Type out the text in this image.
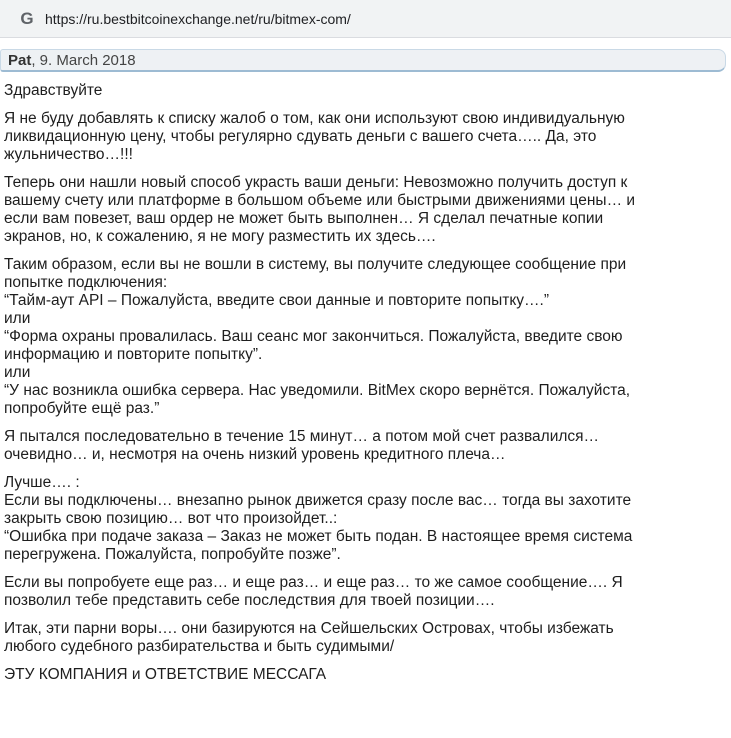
G https://ru.bestbitcoinexchange.net/ru/bitmex-com/
Pat, 9. March 2018

Здравствуйте

Я не буду добавлять к списку жалоб о том, как они используют свою индивидуальную
ликвидационную цену, чтобы регулярно сдувать деньги с вашего счета….. Да, это
жульничество…!!!

Теперь они нашли новый способ украсть ваши деньги: Невозможно получить доступ к
вашему счету или платформе в большом объеме или быстрыми движениями цены… и
если вам повезет, ваш ордер не может быть выполнен… Я сделал печатные копии
экранов, но, к сожалению, я не могу разместить их здесь….

Таким образом, если вы не вошли в систему, вы получите следующее сообщение при
попытке подключения:
“Тайм-аут API – Пожалуйста, введите свои данные и повторите попытку….”
или
“Форма охраны провалилась. Ваш сеанс мог закончиться. Пожалуйста, введите свою
информацию и повторите попытку”.
или
“У нас возникла ошибка сервера. Нас уведомили. BitMex скоро вернётся. Пожалуйста,
попробуйте ещё раз.”

Я пытался последовательно в течение 15 минут… а потом мой счет развалился…
очевидно… и, несмотря на очень низкий уровень кредитного плеча…

Лучше…. :
Если вы подключены… внезапно рынок движется сразу после вас… тогда вы захотите
закрыть свою позицию… вот что произойдет..:
“Ошибка при подаче заказа – Заказ не может быть подан. В настоящее время система
перегружена. Пожалуйста, попробуйте позже”.

Если вы попробуете еще раз… и еще раз… и еще раз… то же самое сообщение…. Я
позволил тебе представить себе последствия для твоей позиции….

Итак, эти парни воры…. они базируются на Сейшельских Островах, чтобы избежать
любого судебного разбирательства и быть судимыми/

ЭТУ КОМПАНИЯ и ОТВЕТСТВИЕ МЕССАГА
